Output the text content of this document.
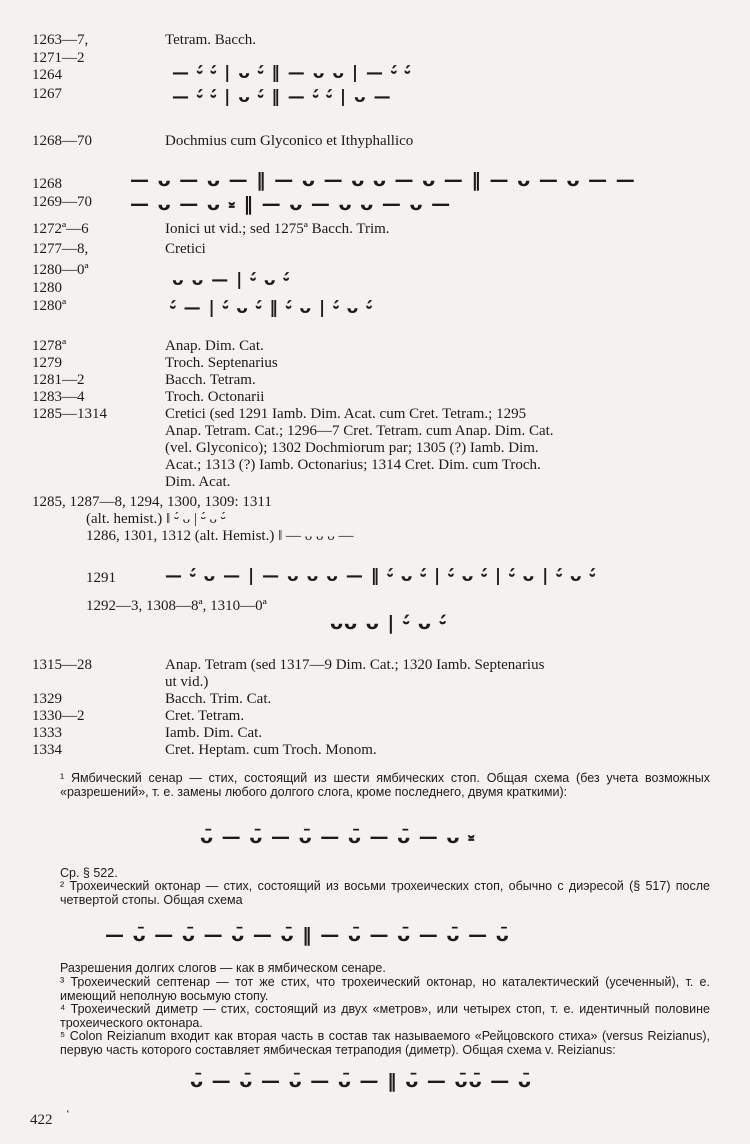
1263—7,	Tetram. Bacch.
1271—2
1264	— ⏑́ ⏑́ | ᴗ ⏑́ ‖ — ᴗ ᴗ | — ⏑́ ⏑́
1267	— ⏑́ ⏑́ | ᴗ ⏑́ ‖ — ⏑́ ⏑́ | ᴗ —
1268—70	Dochmius cum Glyconico et Ithyphallico
1268	— ᴗ — ᴗ — ‖ — ᴗ — ᴗ ᴗ — ᴗ — ‖ — ᴗ — ᴗ — —
1269—70 — ᴗ — ᴗ ⏓ ‖ — ᴗ — ᴗ ᴗ — ᴗ —
1272ª—6	Ionici ut vid.; sed 1275ª Bacch. Trim.
1277—8,	Cretici
1280—0ª
1280	ᴗ ᴗ — | ⏑́ ᴗ ⏑́
1280ª	⏑́ — | ⏑́ ᴗ ⏑́ ‖ ⏑́ ᴗ | ⏑́ ᴗ ⏑́
1278ª	Anap. Dim. Cat.
1279	Troch. Septenarius
1281—2	Bacch. Tetram.
1283—4	Troch. Octonarii
1285—1314	Cretici (sed 1291 Iamb. Dim. Acat. cum Cret. Tetram.; 1295
Anap. Tetram. Cat.; 1296—7 Cret. Tetram. cum Anap. Dim. Cat.
(vel. Glyconico); 1302 Dochmiorum par; 1305 (?) Iamb. Dim.
Acat.; 1313 (?) Iamb. Octonarius; 1314 Cret. Dim. cum Troch.
Dim. Acat.
1285, 1287—8, 1294, 1300, 1309: 1311
(alt. hemist.) ‖ ⏑́ ᴗ | ⏑́ ᴗ ⏑́
1286, 1301, 1312 (alt. Hemist.) ‖ — ᴗ ᴗ ᴗ —
1291	— ⏑́ ᴗ — | — ᴗ ᴗ ᴗ — ‖ ⏑́ ᴗ ⏑́ | ⏑́ ᴗ ⏑́ | ⏑́ ᴗ | ⏑́ ᴗ ⏑́
1292—3, 1308—8ª, 1310—0ª
ᴗᴗ ᴗ | ⏑́ ᴗ ⏑́
1315—28	Anap. Tetram (sed 1317—9 Dim. Cat.; 1320 Iamb. Septenarius
ut vid.)
1329	Bacch. Trim. Cat.
1330—2	Cret. Tetram.
1333	Iamb. Dim. Cat.
1334	Cret. Heptam. cum Troch. Monom.
¹ Ямбический сенар — стих, состоящий из шести ямбических стоп. Общая схема (без учета возможных «разрешений», т. е. замены любого долгого слога, кроме последнего, двумя краткими):
ᴗ̄ — ᴗ̄ — ᴗ̄ — ᴗ̄ — ᴗ̄ — ᴗ ⏓
Ср. § 522.
² Трохеический октонар — стих, состоящий из восьми трохеических стоп, обычно с диэресой (§ 517) после четвертой стопы. Общая схема
— ᴗ̄ — ᴗ̄ — ᴗ̄ — ᴗ̄ ‖ — ᴗ̄ — ᴗ̄ — ᴗ̄ — ᴗ̄
Разрешения долгих слогов — как в ямбическом сенаре.
³ Трохеический септенар — тот же стих, что трохеический октонар, но каталектический (усеченный), т. е. имеющий неполную восьмую стопу.
⁴ Трохеический диметр — стих, состоящий из двух «метров», или четырех стоп, т. е. идентичный половине трохеического октонара.
⁵ Colon Reizianum входит как вторая часть в состав так называемого «Рейцовского стиха» (versus Reizianus), первую часть которого составляет ямбическая тетраподия (диметр). Общая схема v. Reizianus:
ᴗ̄ — ᴗ̄ — ᴗ̄ — ᴗ̄ — ‖ ᴗ̄ — ᴗ̄ᴗ̄ — ᴗ̄
422 ‘
